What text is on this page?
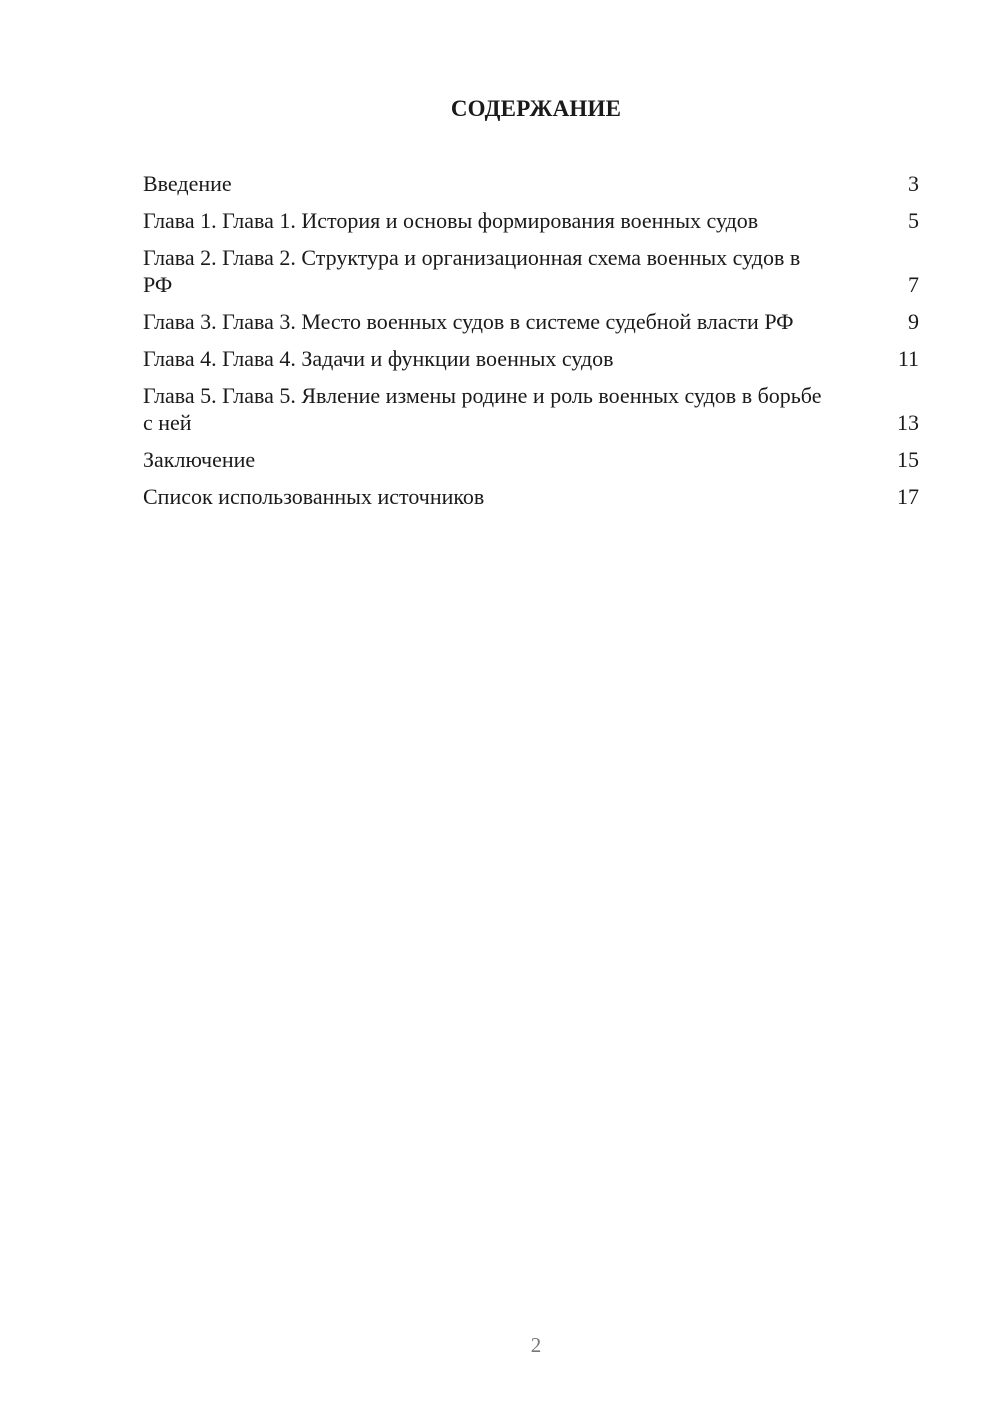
СОДЕРЖАНИЕ
Введение	3
Глава 1. Глава 1. История и основы формирования военных судов	5
Глава 2. Глава 2. Структура и организационная схема военных судов в РФ	7
Глава 3. Глава 3. Место военных судов в системе судебной власти РФ	9
Глава 4. Глава 4. Задачи и функции военных судов	11
Глава 5. Глава 5. Явление измены родине и роль военных судов в борьбе с ней	13
Заключение	15
Список использованных источников	17
2
